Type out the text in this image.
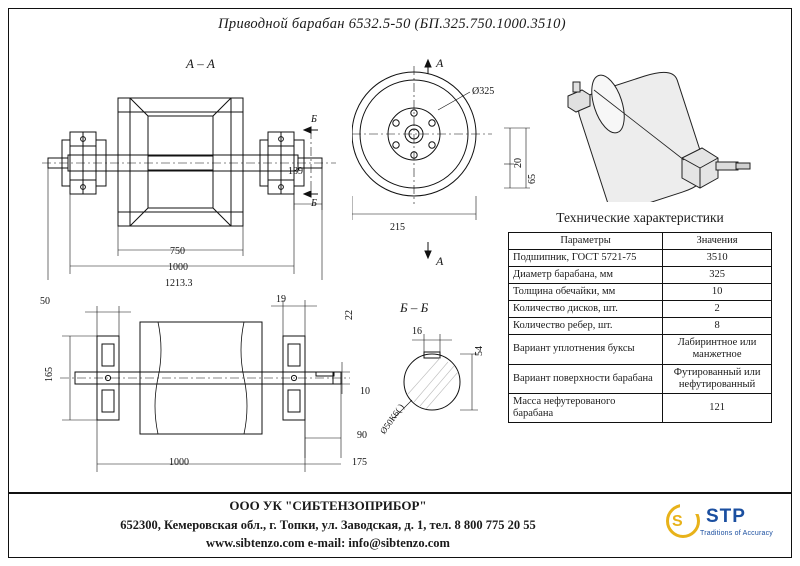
Приводной барабан 6532.5-50 (БП.325.750.1000.3510)
А – А
750
1000
1213.3
139
Б
Б
Ø325
215
20
65
А
А
Технические характеристики
Параметры	Значения
Подшипник, ГОСТ 5721-75	3510
Диаметр барабана, мм	325
Толщина обечайки, мм	10
Количество дисков, шт.	2
Количество ребер, шт.	8
Вариант уплотнения буксы	Лабиринтное или манжетное
Вариант поверхности барабана	Футированный или нефутированный
Масса нефутерованого барабана	121
50	19
22
165
1000	175
90
10
Б – Б
16
54
Ø50К6( )
ООО УК "СИБТЕНЗОПРИБОР"
652300, Кемеровская обл., г. Топки, ул. Заводская, д. 1, тел. 8 800 775 20 55
www.sibtenzo.com e-mail: info@sibtenzo.com
S STP
Traditions of Accuracy
